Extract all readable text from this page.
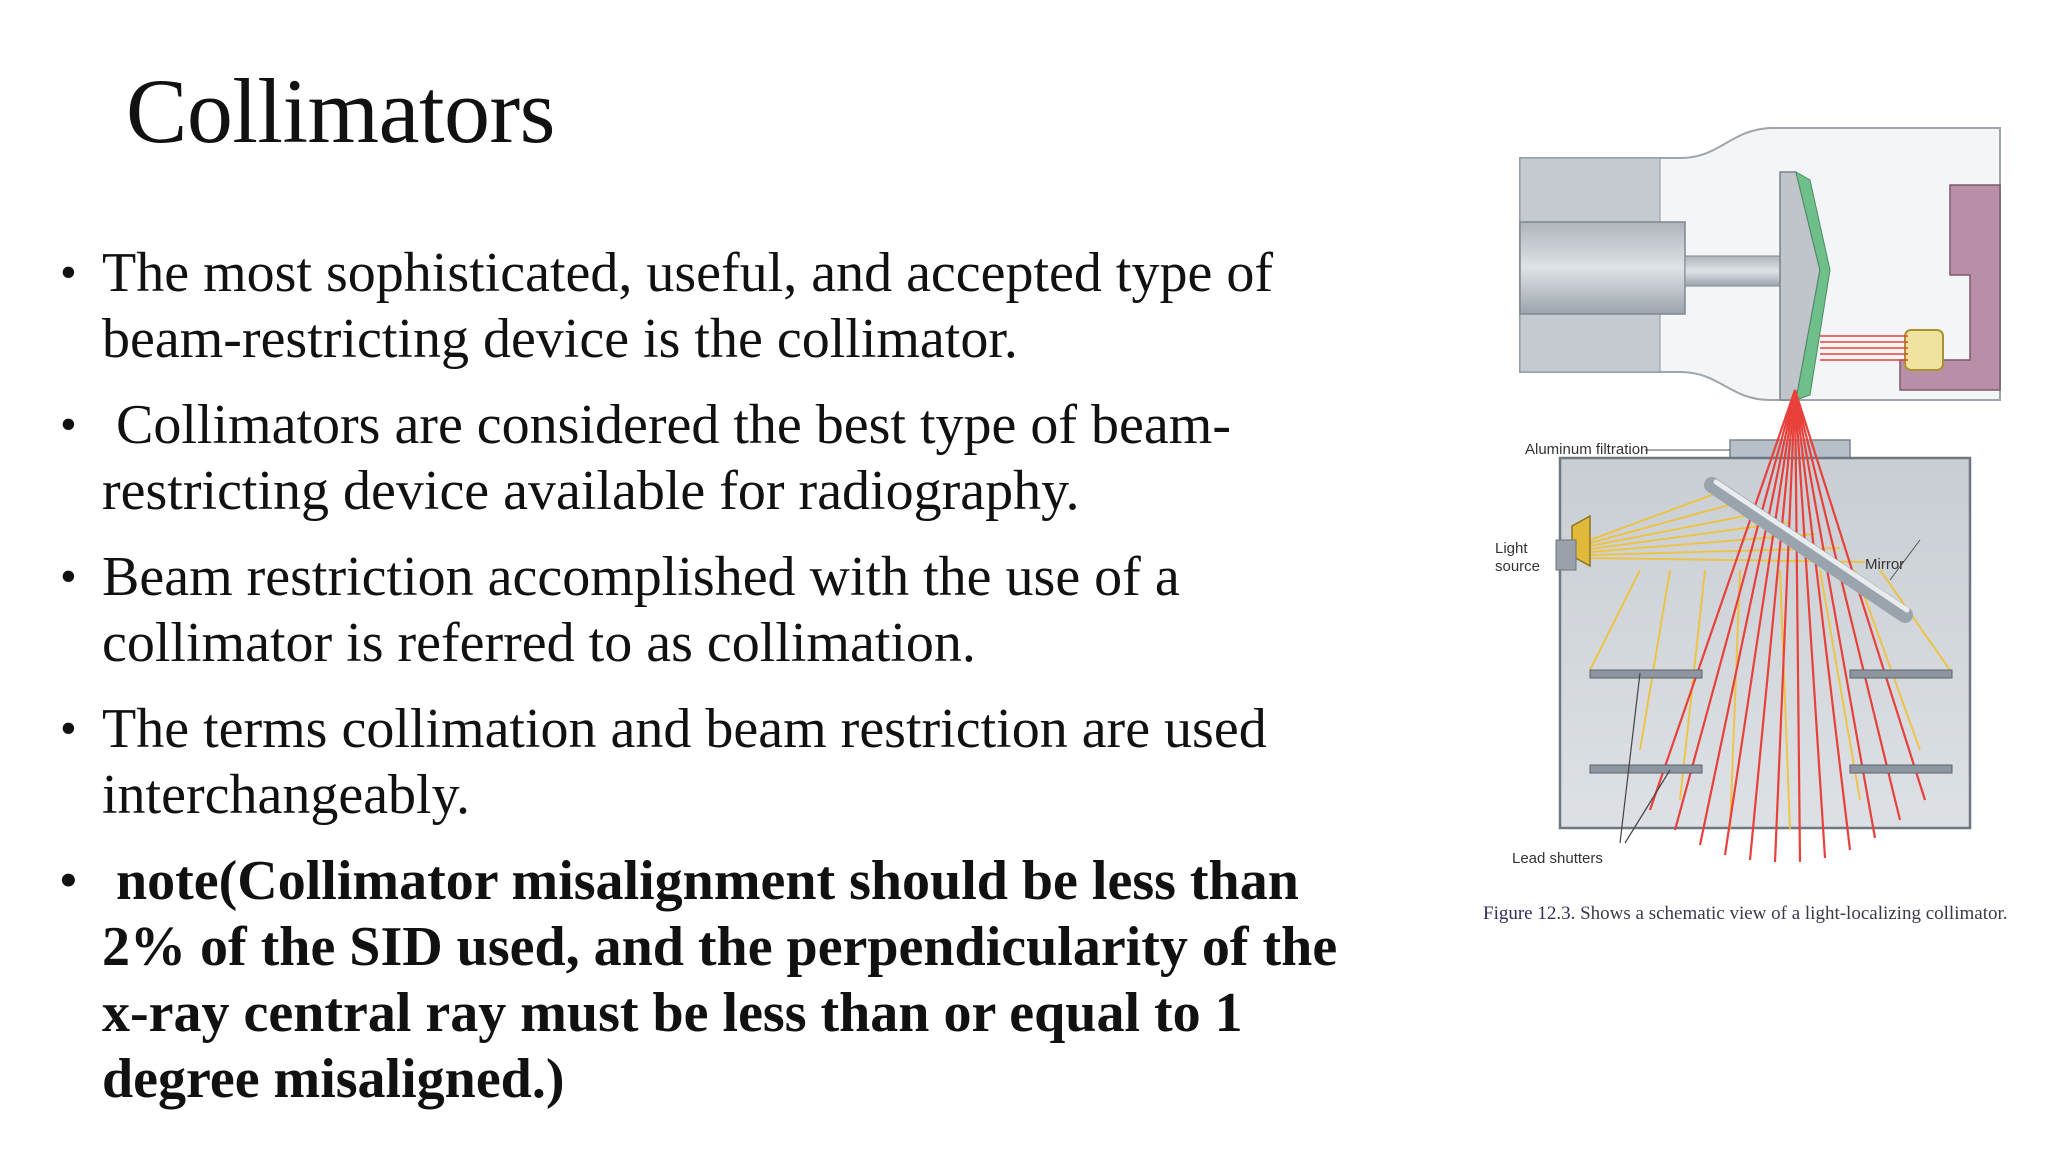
Collimators
• The most sophisticated, useful, and accepted type of beam-restricting device is the collimator.
• Collimators are considered the best type of beam-restricting device available for radiography.
• Beam restriction accomplished with the use of a collimator is referred to as collimation.
• The terms collimation and beam restriction are used interchangeably.
• note(Collimator misalignment should be less than 2% of the SID used, and the perpendicularity of the x-ray central ray must be less than or equal to 1 degree misaligned.)
Aluminum filtration
Light
source	Mirror
Lead shutters
Figure 12.3. Shows a schematic view of a light-localizing collimator.
